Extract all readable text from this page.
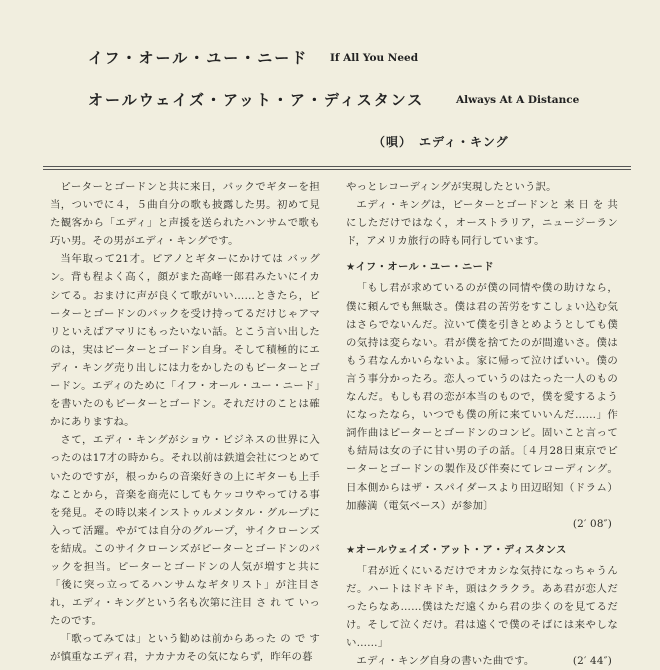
イフ・オール・ユー・ニード If All You Need
オールウェイズ・アット・ア・ディスタンス	Always At A Distance
（唄）　エディ・キング

ピーターとゴードンと共に来日，バックでギターを担当，ついでに４，５曲自分の歌も披露した男。初めて見た観客から「エディ」と声援を送られたハンサムで歌も巧い男。その男がエディ・キングです。

当年取って21才。ピアノとギターにかけては バッグン。背も程よく高く，顔がまた高峰一郎君みたいにイカシてる。おまけに声が良くて歌がいい……ときたら，ピーターとゴードンのバックを受け持ってるだけじゃアマリといえばアマリにもったいない話。とこう言い出したのは，実はピーターとゴードン自身。そして積極的にエディ・キング売り出しには力をかしたのもピーターとゴードン。エディのために「イフ・オール・ユー・ニード」を書いたのもピーターとゴードン。それだけのことは確かにありますね。

さて，エディ・キングがショウ・ビジネスの世界に入ったのは17才の時から。それ以前は鉄道会社につとめていたのですが，根っからの音楽好きの上にギターも上手なことから，音楽を商売にしてもケッコウやってける事を発見。その時以来インストゥルメンタル・グループに入って活躍。やがては自分のグループ，サイクローンズを結成。このサイクローンズがピーターとゴードンのバックを担当。ピーターとゴードンの人気が増すと共に「後に突っ立ってるハンサムなギタリスト」が注目され，エディ・キングという名も次第に注目 さ れ て いったのです。

「歌ってみては」という勧めは前からあった の で すが慎重なエディ君，ナカナカその気にならず，昨年の暮

やっとレコーディングが実現したという訳。

エディ・キングは，ピーターとゴードンと 来 日 を 共にしただけではなく，オーストラリア，ニュージーランド，アメリカ旅行の時も同行しています。

★イフ・オール・ユー・ニード

「もし君が求めているのが僕の同情や僕の助けなら，僕に頼んでも無駄さ。僕は君の苦労をすこしょい込む気はさらでないんだ。泣いて僕を引きとめようとしても僕の気持は変らない。君が僕を捨てたのが間違いさ。僕はもう君なんかいらないよ。家に帰って泣けばいい。僕の言う事分かったろ。恋人っていうのはたった一人のものなんだ。もしも君の恋が本当のもので，僕を愛するようになったなら，いつでも僕の所に来ていいんだ……」作詞作曲はピーターとゴードンのコンビ。固いこと言っても結局は女の子に甘い男の子の話。〔４月28日東京でピーターとゴードンの製作及び伴奏にてレコーディング。日本側からはザ・スパイダースより田辺昭知（ドラム）加藤満（電気ベース）が参加〕

(2′ 08″)

★オールウェイズ・アット・ア・ディスタンス

「君が近くにいるだけでオカシな気持になっちゃうんだ。ハートはドキドキ，頭はクラクラ。ああ君が恋人だったらなあ……僕はただ遠くから君の歩くのを見てるだけ。そして泣くだけ。君は遠くで僕のそばには来やしない……」

エディ・キング自身の書いた曲です。	(2′ 44″)
